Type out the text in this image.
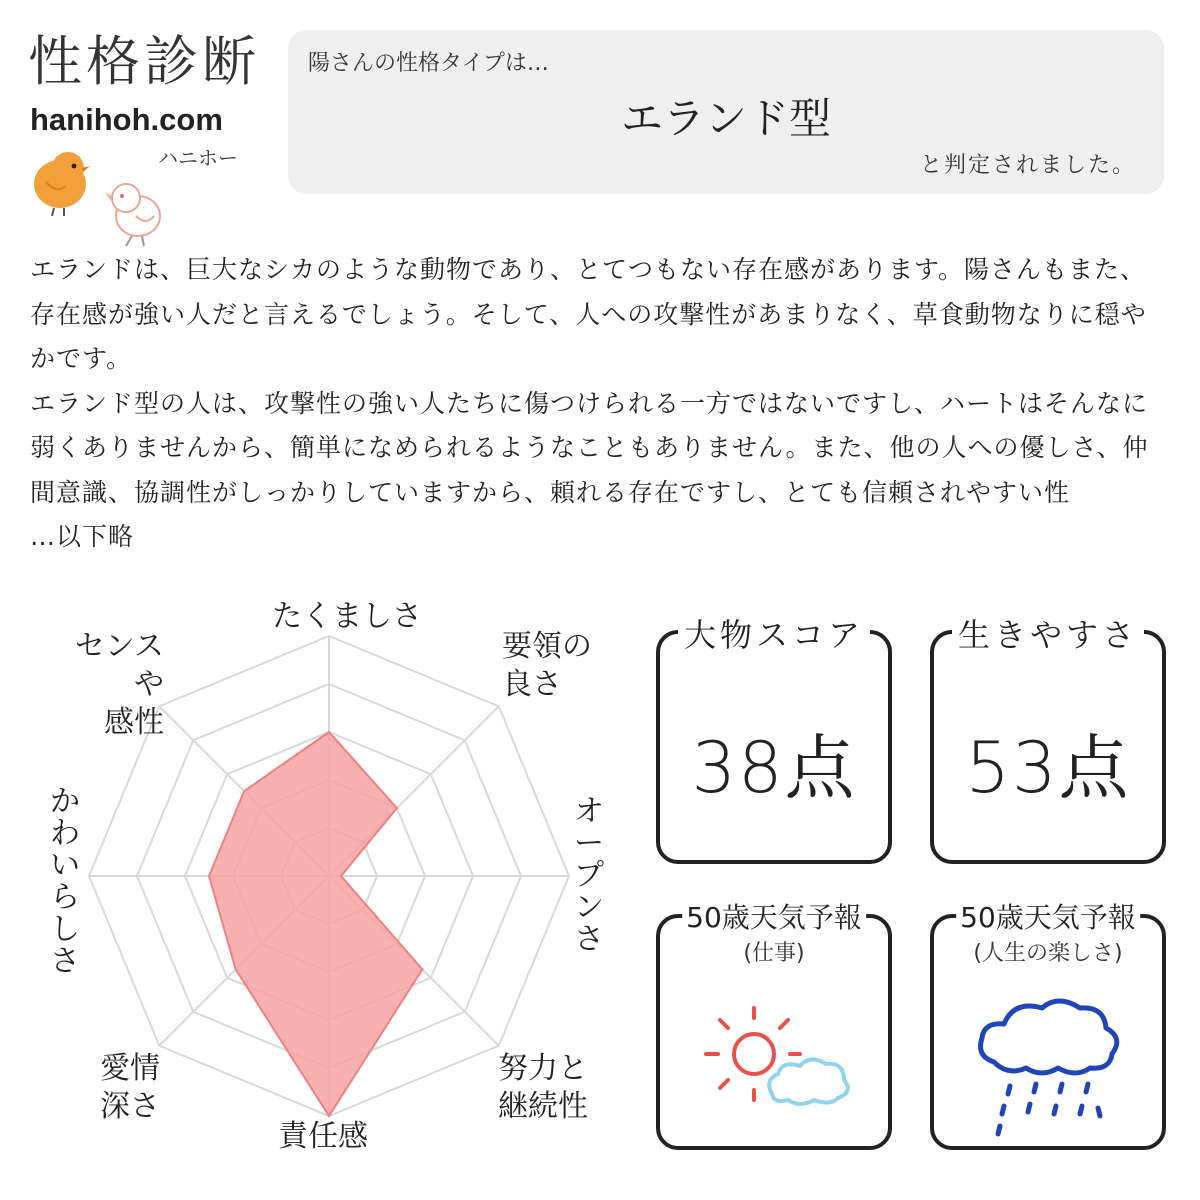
性格診断
hanihoh.com
ハニホー
陽さんの性格タイプは…
エランド型
と判定されました。

エランドは、巨大なシカのような動物であり、とてつもない存在感があります。陽さんもまた、存在感が強い人だと言えるでしょう。そして、人への攻撃性があまりなく、草食動物なりに穏やかです。

エランド型の人は、攻撃性の強い人たちに傷つけられる一方ではないですし、ハートはそんなに弱くありませんから、簡単になめられるようなこともありません。また、他の人への優しさ、仲間意識、協調性がしっかりしていますから、頼れる存在ですし、とても信頼されやすい性

…以下略

たくましさ
要領の
良さ
オープンさ
努力と
継続性
責任感
愛情
深さ
かわいらしさ
センスや
感性
大物スコア
38点
生きやすさ
53点
50歳天気予報
(仕事)
50歳天気予報
(人生の楽しさ)
